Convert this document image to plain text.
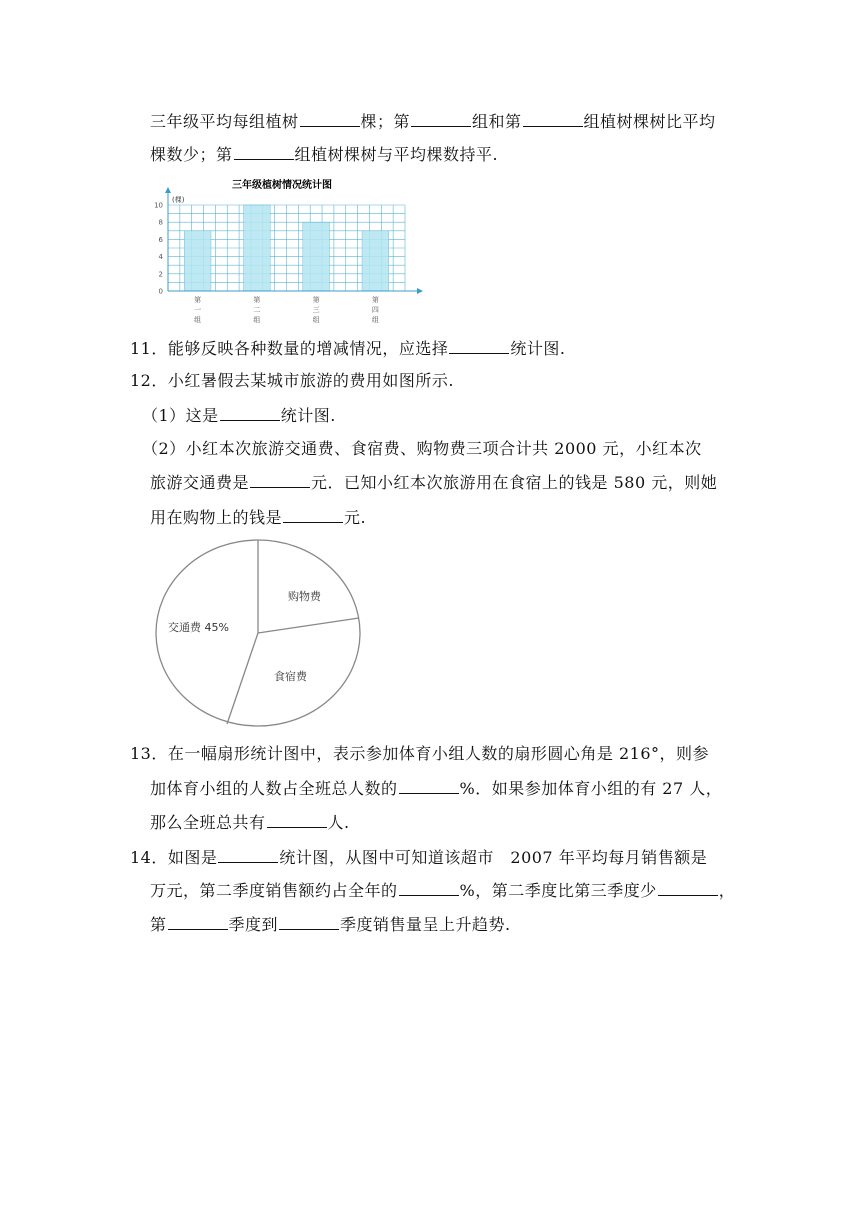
三年级平均每组植树	棵；第	组和第	组植树棵树比平均
棵数少；第	组植树棵树与平均棵数持平.
三年级植树情况统计图
(棵)
第
一
组
第
二
组
第
三
组
第
四
组
0
2
4
6
8
10
11．能够反映各种数量的增减情况，应选择	统计图.
12．小红暑假去某城市旅游的费用如图所示.
（1）这是	统计图.
（2）小红本次旅游交通费、食宿费、购物费三项合计共 2000 元，小红本次
旅游交通费是	元．已知小红本次旅游用在食宿上的钱是 580 元，则她
用在购物上的钱是	元.
交通费 45%
购物费
食宿费
13．在一幅扇形统计图中，表示参加体育小组人数的扇形圆心角是 216°，则参
加体育小组的人数占全班总人数的	%．如果参加体育小组的有 27 人，
那么全班总共有	人.
14．如图是	统计图，从图中可知道该超市　2007 年平均每月销售额是
万元，第二季度销售额约占全年的	%，第二季度比第三季度少	，
第	季度到	季度销售量呈上升趋势.
